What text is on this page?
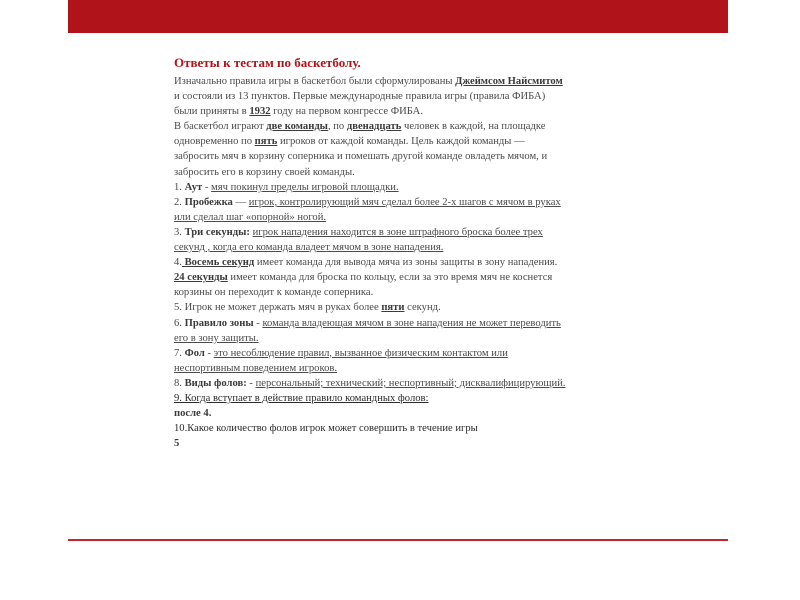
Ответы к тестам по баскетболу.

Изначально правила игры в баскетбол были сформулированы Джеймсом Найсмитом и состояли из 13 пунктов. Первые международные правила игры (правила ФИБА) были приняты в 1932 году на первом конгрессе ФИБА.

В баскетбол играют две команды, по двенадцать человек в каждой, на площадке одновременно по пять игроков от каждой команды. Цель каждой команды — забросить мяч в корзину соперника и помешать другой команде овладеть мячом, и забросить его в корзину своей команды.

1. Аут - мяч покинул пределы игровой площадки.

2. Пробежка — игрок, контролирующий мяч сделал более 2-х шагов с мячом в руках или сделал шаг «опорной» ногой.

3. Три секунды: игрок нападения находится в зоне штрафного броска более трех секунд , когда его команда владеет мячом в зоне нападения.

4. Восемь секунд имеет команда для вывода мяча из зоны защиты в зону нападения.

24 секунды имеет команда для броска по кольцу, если за это время мяч не коснется корзины он переходит к команде соперника.

5. Игрок не может держать мяч в руках более пяти секунд.

6. Правило зоны - команда владеющая мячом в зоне нападения не может переводить его в зону защиты.

7. Фол - это несоблюдение правил, вызванное физическим контактом или неспортивным поведением игроков.

8. Виды фолов: - персональный; технический; неспортивный; дисквалифицирующий.

9. Когда вступает в действие правило командных фолов:

после 4.

10.Какое количество фолов игрок может совершить в течение игры

5
